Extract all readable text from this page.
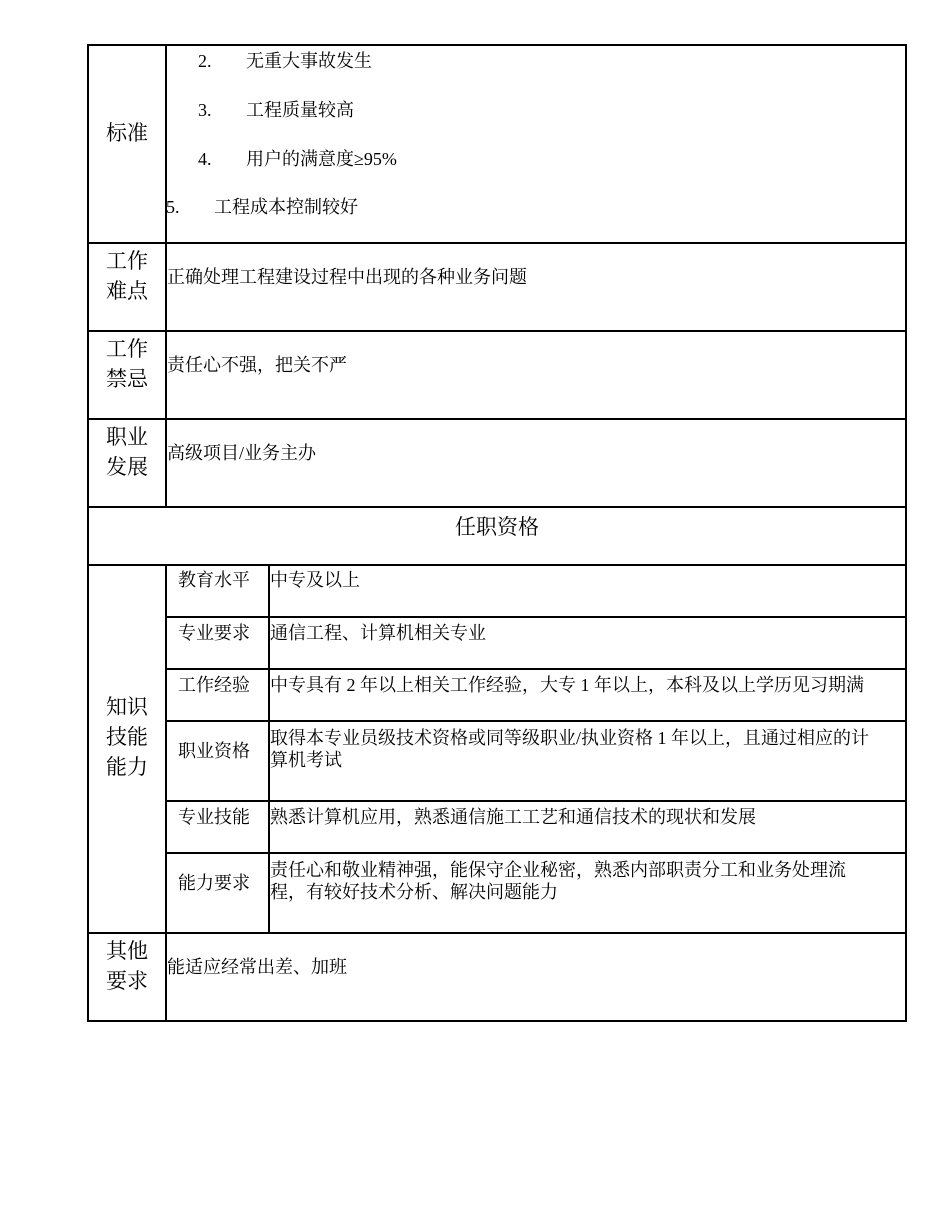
标准
2. 无重大事故发生
3. 工程质量较高
4. 用户的满意度≥95%
5. 工程成本控制较好
工作
难点
正确处理工程建设过程中出现的各种业务问题
工作
禁忌
责任心不强，把关不严
职业
发展
高级项目/业务主办
任职资格
知识
技能
能力
教育水平 中专及以上
专业要求 通信工程、计算机相关专业
工作经验 中专具有 2 年以上相关工作经验，大专 1 年以上，本科及以上学历见习期满
职业资格
取得本专业员级技术资格或同等级职业/执业资格 1 年以上，且通过相应的计
算机考试
专业技能 熟悉计算机应用，熟悉通信施工工艺和通信技术的现状和发展
能力要求
责任心和敬业精神强，能保守企业秘密，熟悉内部职责分工和业务处理流
程，有较好技术分析、解决问题能力
其他
要求
能适应经常出差、加班
